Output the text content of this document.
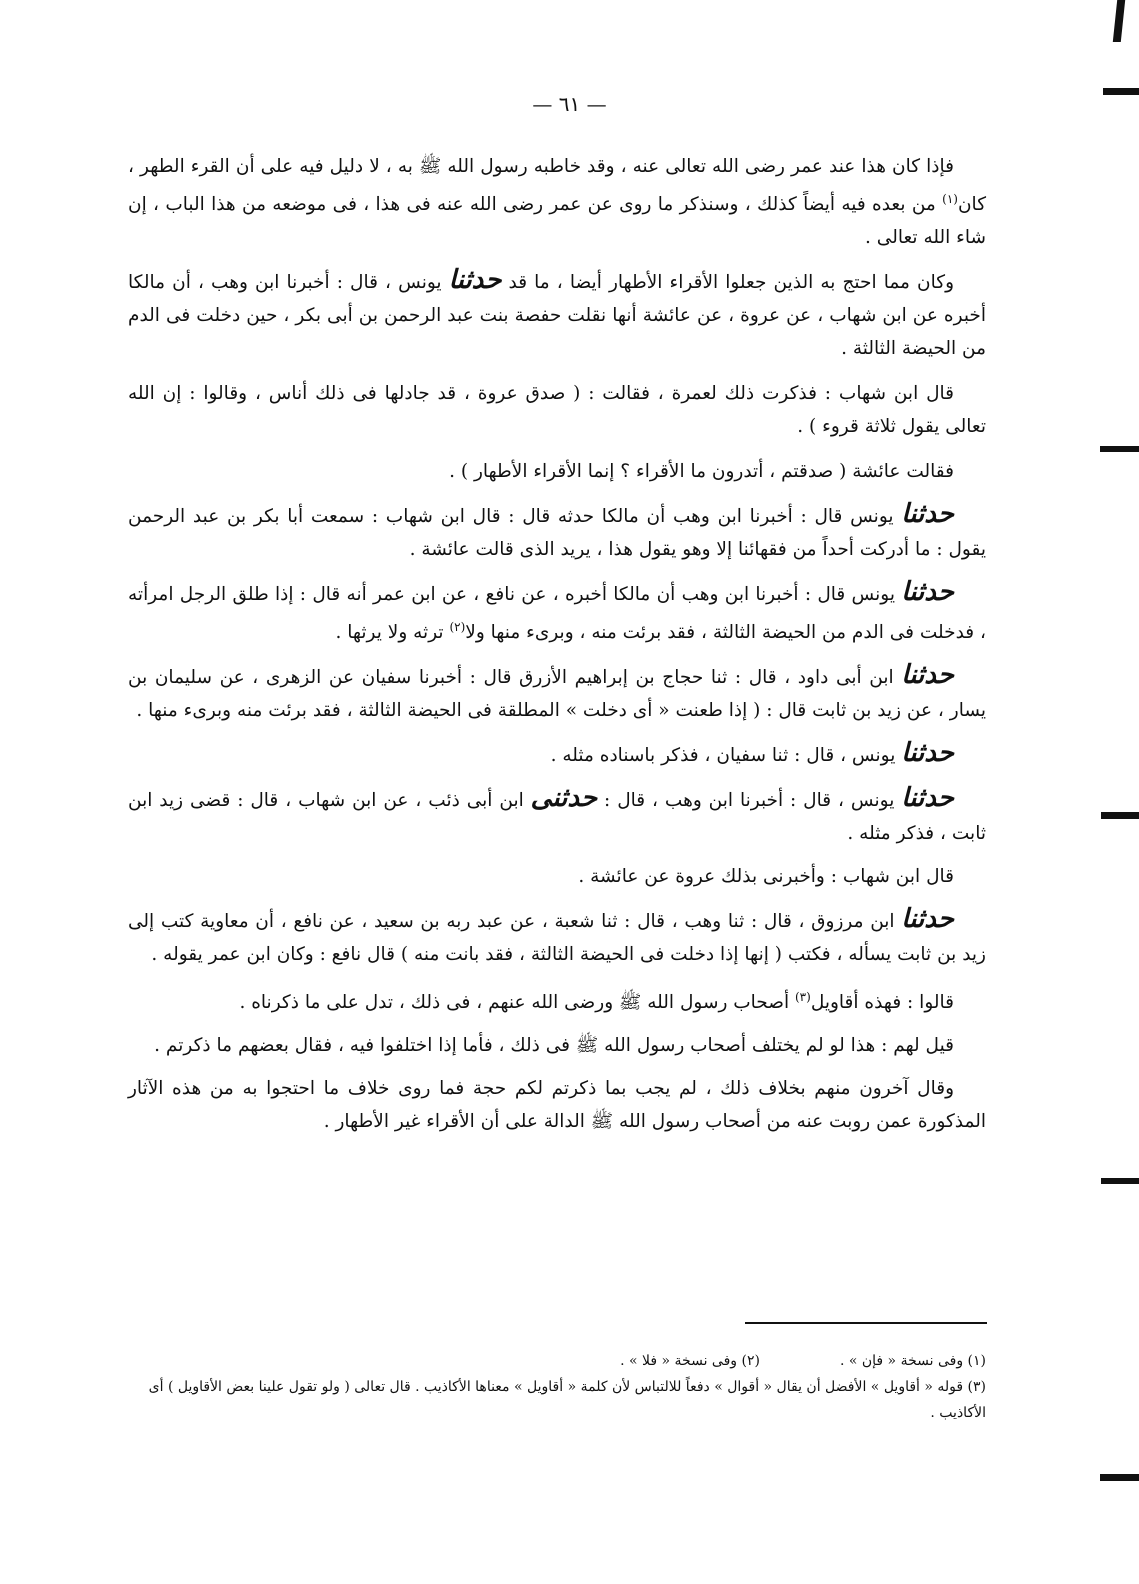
— ٦١ —

فإذا كان هذا عند عمر رضى الله تعالى عنه ، وقد خاطبه رسول الله ﷺ به ، لا دليل فيه على أن القرء الطهر ، كان$^{(١)}$ من بعده فيه أيضاً كذلك ، وسنذكر ما روى عن عمر رضى الله عنه فى هذا ، فى موضعه من هذا الباب ، إن شاء الله تعالى .

وكان مما احتج به الذين جعلوا الأقراء الأطهار أيضا ، ما قد حدثنا يونس ، قال : أخبرنا ابن وهب ، أن مالكا أخبره عن ابن شهاب ، عن عروة ، عن عائشة أنها نقلت حفصة بنت عبد الرحمن بن أبى بكر ، حين دخلت فى الدم من الحيضة الثالثة .

قال ابن شهاب : فذكرت ذلك لعمرة ، فقالت : ( صدق عروة ، قد جادلها فى ذلك أناس ، وقالوا : إن الله تعالى يقول ثلاثة قروء ) .

فقالت عائشة ( صدقتم ، أتدرون ما الأقراء ؟ إنما الأقراء الأطهار ) .

حدثنا يونس قال : أخبرنا ابن وهب أن مالكا حدثه قال : قال ابن شهاب : سمعت أبا بكر بن عبد الرحمن يقول : ما أدركت أحداً من فقهائنا إلا وهو يقول هذا ، يريد الذى قالت عائشة .

حدثنا يونس قال : أخبرنا ابن وهب أن مالكا أخبره ، عن نافع ، عن ابن عمر أنه قال : إذا طلق الرجل امرأته ، فدخلت فى الدم من الحيضة الثالثة ، فقد برئت منه ، وبرىء منها ولا$^{(٢)}$ ترثه ولا يرثها .

حدثنا ابن أبى داود ، قال : ثنا حجاج بن إبراهيم الأزرق قال : أخبرنا سفيان عن الزهرى ، عن سليمان بن يسار ، عن زيد بن ثابت قال : ( إذا طعنت « أى دخلت » المطلقة فى الحيضة الثالثة ، فقد برئت منه وبرىء منها .

حدثنا يونس ، قال : ثنا سفيان ، فذكر باسناده مثله .

حدثنا يونس ، قال : أخبرنا ابن وهب ، قال : حدثنى ابن أبى ذئب ، عن ابن شهاب ، قال : قضى زيد ابن ثابت ، فذكر مثله .

قال ابن شهاب : وأخبرنى بذلك عروة عن عائشة .

حدثنا ابن مرزوق ، قال : ثنا وهب ، قال : ثنا شعبة ، عن عبد ربه بن سعيد ، عن نافع ، أن معاوية كتب إلى زيد بن ثابت يسأله ، فكتب ( إنها إذا دخلت فى الحيضة الثالثة ، فقد بانت منه ) قال نافع : وكان ابن عمر يقوله .

قالوا : فهذه أقاويل$^{(٣)}$ أصحاب رسول الله ﷺ ورضى الله عنهم ، فى ذلك ، تدل على ما ذكرناه .

قيل لهم : هذا لو لم يختلف أصحاب رسول الله ﷺ فى ذلك ، فأما إذا اختلفوا فيه ، فقال بعضهم ما ذكرتم .

وقال آخرون منهم بخلاف ذلك ، لم يجب بما ذكرتم لكم حجة فما روى خلاف ما احتجوا به من هذه الآثار المذكورة عمن روبت عنه من أصحاب رسول الله ﷺ الدالة على أن الأقراء غير الأطهار .

(١) وفى نسخة « فإن » .

(٢) وفى نسخة « فلا » .

(٣) قوله « أقاويل » الأفضل أن يقال « أقوال » دفعاً للالتباس لأن كلمة « أقاويل » معناها الأكاذيب . قال تعالى ( ولو تقول علينا بعض الأقاويل ) أى الأكاذيب .
